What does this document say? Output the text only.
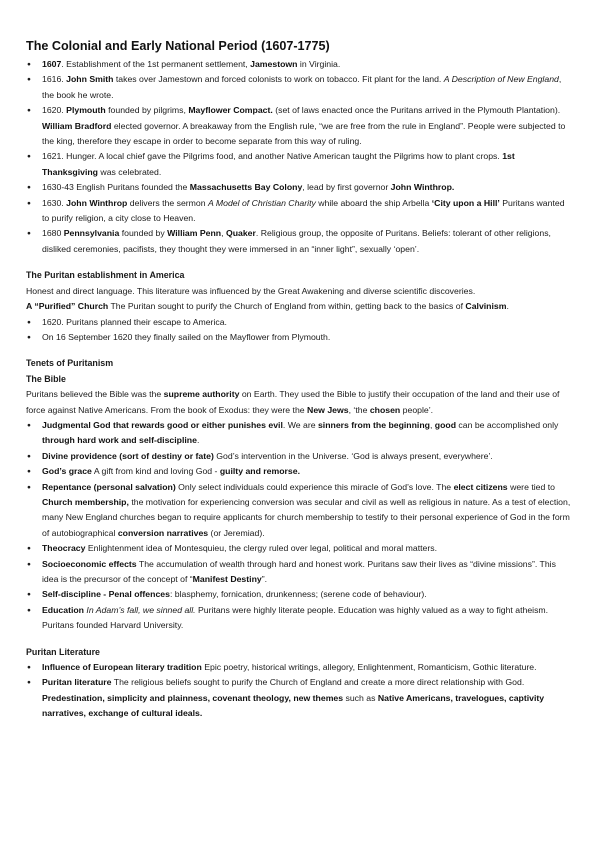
The Colonial and Early National Period (1607-1775)
● 1607. Establishment of the 1st permanent settlement, Jamestown in Virginia.
● 1616. John Smith takes over Jamestown and forced colonists to work on tobacco. Fit plant for the land. A Description of New England, the book he wrote.
● 1620. Plymouth founded by pilgrims, Mayflower Compact. (set of laws enacted once the Puritans arrived in the Plymouth Plantation). William Bradford elected governor. A breakaway from the English rule, “we are free from the rule in England”. People were subjected to the king, therefore they escape in order to become separate from this way of ruling.
● 1621. Hunger. A local chief gave the Pilgrims food, and another Native American taught the Pilgrims how to plant crops. 1st Thanksgiving was celebrated.
● 1630-43 English Puritans founded the Massachusetts Bay Colony, lead by first governor John Winthrop.
● 1630. John Winthrop delivers the sermon A Model of Christian Charity while aboard the ship Arbella ‘City upon a Hill’ Puritans wanted to purify religion, a city close to Heaven.
● 1680 Pennsylvania founded by William Penn, Quaker. Religious group, the opposite of Puritans. Beliefs: tolerant of other religions, disliked ceremonies, pacifists, they thought they were immersed in an “inner light”, sexually ‘open’.
The Puritan establishment in America

Honest and direct language. This literature was influenced by the Great Awakening and diverse scientific discoveries.

A “Purified” Church The Puritan sought to purify the Church of England from within, getting back to the basics of Calvinism.

● 1620. Puritans planned their escape to America.
● On 16 September 1620 they finally sailed on the Mayflower from Plymouth.
Tenets of Puritanism
The Bible

Puritans believed the Bible was the supreme authority on Earth. They used the Bible to justify their occupation of the land and their use of force against Native Americans. From the book of Exodus: they were the New Jews, ‘the chosen people’.

● Judgmental God that rewards good or either punishes evil. We are sinners from the beginning, good can be accomplished only through hard work and self-discipline.
● Divine providence (sort of destiny or fate) God’s intervention in the Universe. ‘God is always present, everywhere’.
● God’s grace A gift from kind and loving God - guilty and remorse.
● Repentance (personal salvation) Only select individuals could experience this miracle of God’s love. The elect citizens were tied to Church membership, the motivation for experiencing conversion was secular and civil as well as religious in nature. As a test of election, many New England churches began to require applicants for church membership to testify to their personal experience of God in the form of autobiographical conversion narratives (or Jeremiad).
● Theocracy Enlightenment idea of Montesquieu, the clergy ruled over legal, political and moral matters.
● Socioeconomic effects The accumulation of wealth through hard and honest work. Puritans saw their lives as “divine missions”. This idea is the precursor of the concept of “Manifest Destiny”.
● Self-discipline - Penal offences: blasphemy, fornication, drunkenness; (serene code of behaviour).
● Education In Adam’s fall, we sinned all. Puritans were highly literate people. Education was highly valued as a way to fight atheism. Puritans founded Harvard University.
Puritan Literature
● Influence of European literary tradition Epic poetry, historical writings, allegory, Enlightenment, Romanticism, Gothic literature.
● Puritan literature The religious beliefs sought to purify the Church of England and create a more direct relationship with God. Predestination, simplicity and plainness, covenant theology, new themes such as Native Americans, travelogues, captivity narratives, exchange of cultural ideals.
